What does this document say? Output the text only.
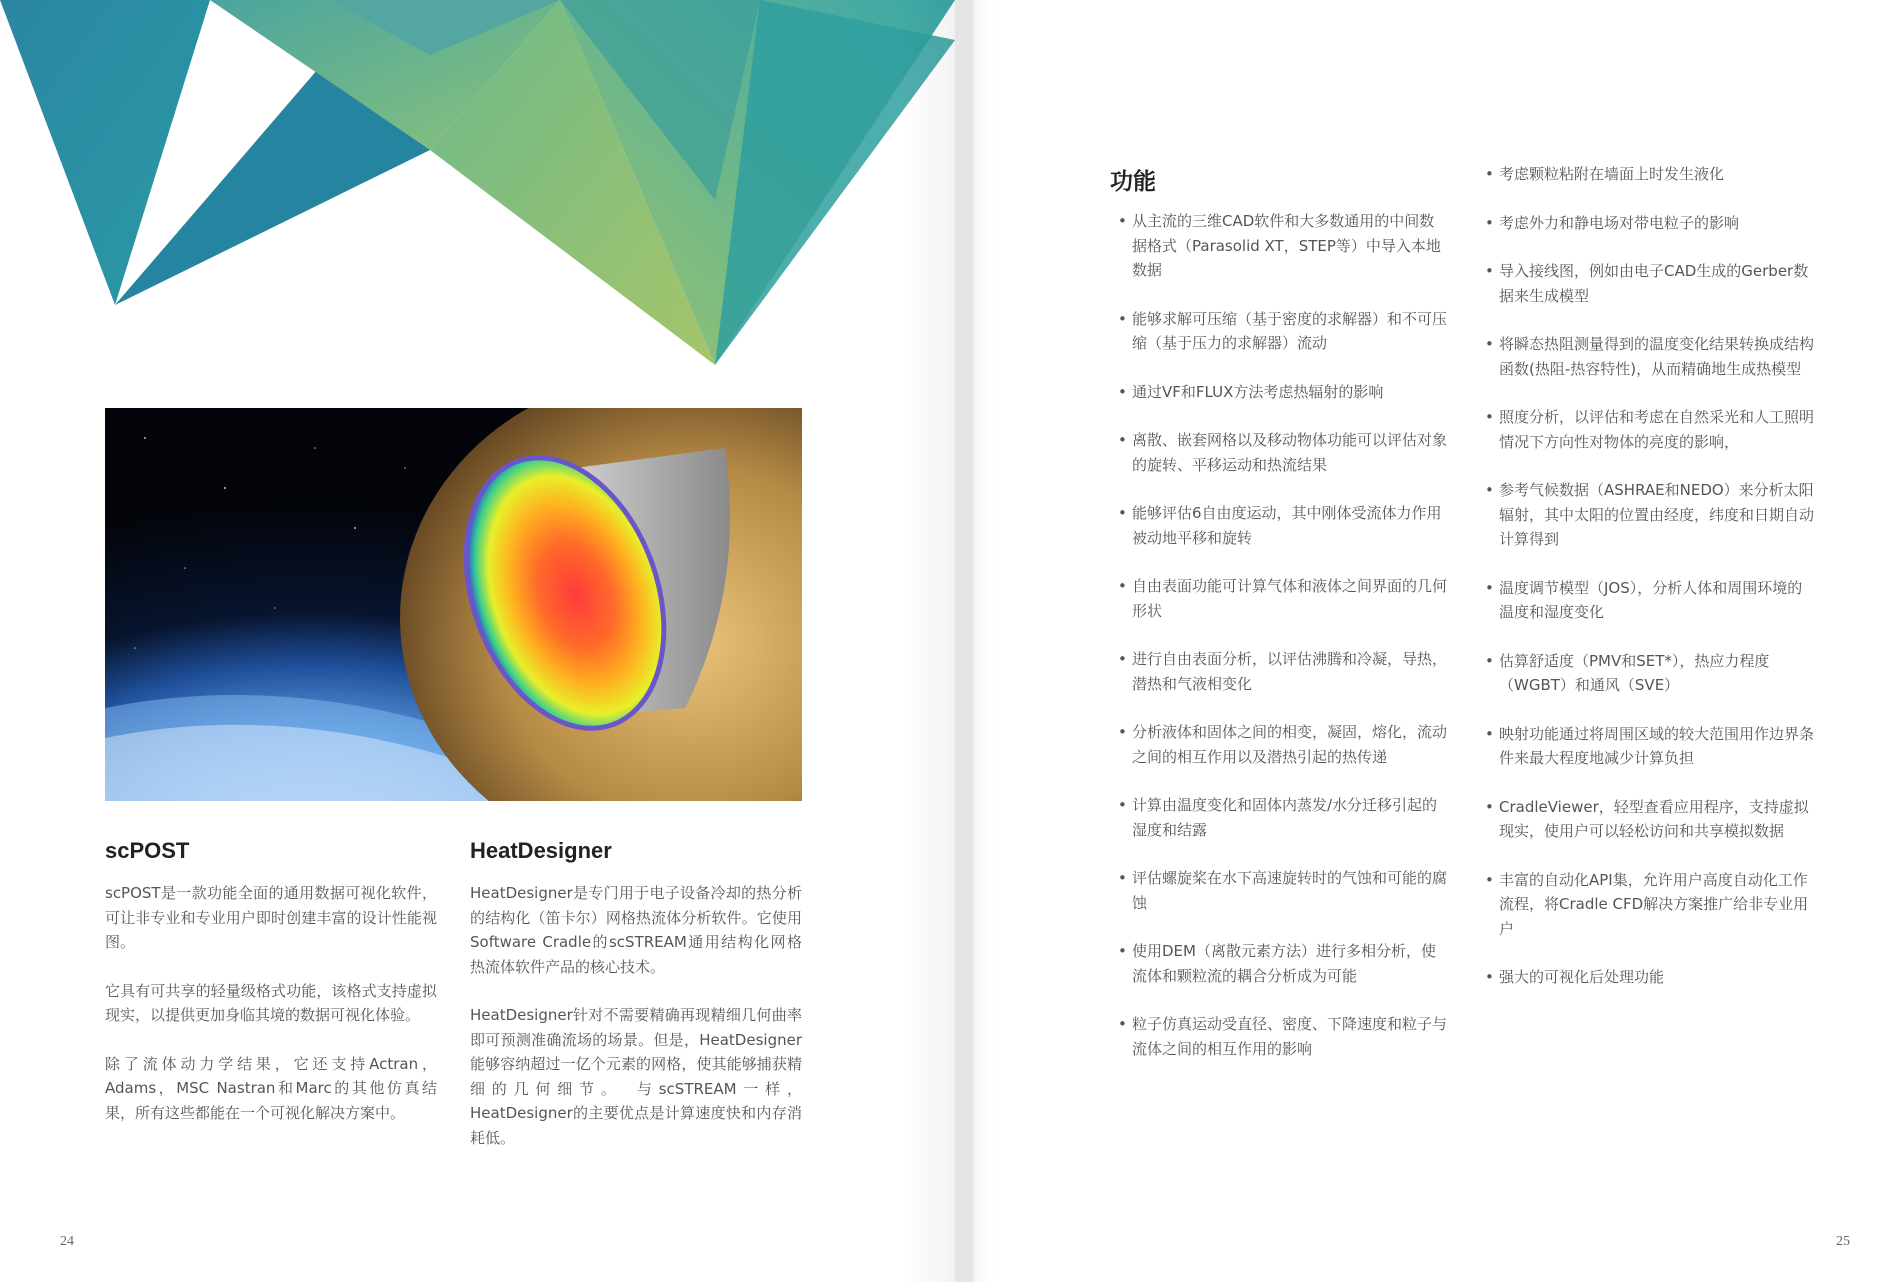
scPOST

scPOST是一款功能全面的通用数据可视化软件，可让非专业和专业用户即时创建丰富的设计性能视图。

它具有可共享的轻量级格式功能，该格式支持虚拟现实，以提供更加身临其境的数据可视化体验。

除了流体动力学结果，它还支持Actran，Adams，MSC Nastran和Marc的其他仿真结果，所有这些都能在一个可视化解决方案中。

HeatDesigner

HeatDesigner是专门用于电子设备冷却的热分析的结构化（笛卡尔）网格热流体分析软件。它使用Software Cradle的scSTREAM通用结构化网格热流体软件产品的核心技术。

HeatDesigner针对不需要精确再现精细几何曲率即可预测准确流场的场景。但是，HeatDesigner能够容纳超过一亿个元素的网格，使其能够捕获精细的几何细节。　与scSTREAM一样，HeatDesigner的主要优点是计算速度快和内存消耗低。

24
功能
• 从主流的三维CAD软件和大多数通用的中间数据格式（Parasolid XT，STEP等）中导入本地数据
• 能够求解可压缩（基于密度的求解器）和不可压缩（基于压力的求解器）流动
• 通过VF和FLUX方法考虑热辐射的影响
• 离散、嵌套网格以及移动物体功能可以评估对象的旋转、平移运动和热流结果
• 能够评估6自由度运动，其中刚体受流体力作用被动地平移和旋转
• 自由表面功能可计算气体和液体之间界面的几何形状
• 进行自由表面分析，以评估沸腾和冷凝，导热，潜热和气液相变化
• 分析液体和固体之间的相变，凝固，熔化，流动之间的相互作用以及潜热引起的热传递
• 计算由温度变化和固体内蒸发/水分迁移引起的湿度和结露
• 评估螺旋桨在水下高速旋转时的气蚀和可能的腐蚀
• 使用DEM（离散元素方法）进行多相分析，使流体和颗粒流的耦合分析成为可能
• 粒子仿真运动受直径、密度、下降速度和粒子与流体之间的相互作用的影响
• 考虑颗粒粘附在墙面上时发生液化
• 考虑外力和静电场对带电粒子的影响
• 导入接线图，例如由电子CAD生成的Gerber数据来生成模型
• 将瞬态热阻测量得到的温度变化结果转换成结构函数(热阻-热容特性)，从而精确地生成热模型
• 照度分析，以评估和考虑在自然采光和人工照明情况下方向性对物体的亮度的影响，
• 参考气候数据（ASHRAE和NEDO）来分析太阳辐射，其中太阳的位置由经度，纬度和日期自动计算得到
• 温度调节模型（JOS），分析人体和周围环境的温度和湿度变化
• 估算舒适度（PMV和SET*），热应力程度（WGBT）和通风（SVE）
• 映射功能通过将周围区域的较大范围用作边界条件来最大程度地减少计算负担
• CradleViewer，轻型查看应用程序，支持虚拟现实，使用户可以轻松访问和共享模拟数据
• 丰富的自动化API集，允许用户高度自动化工作流程，将Cradle CFD解决方案推广给非专业用户
• 强大的可视化后处理功能
25
